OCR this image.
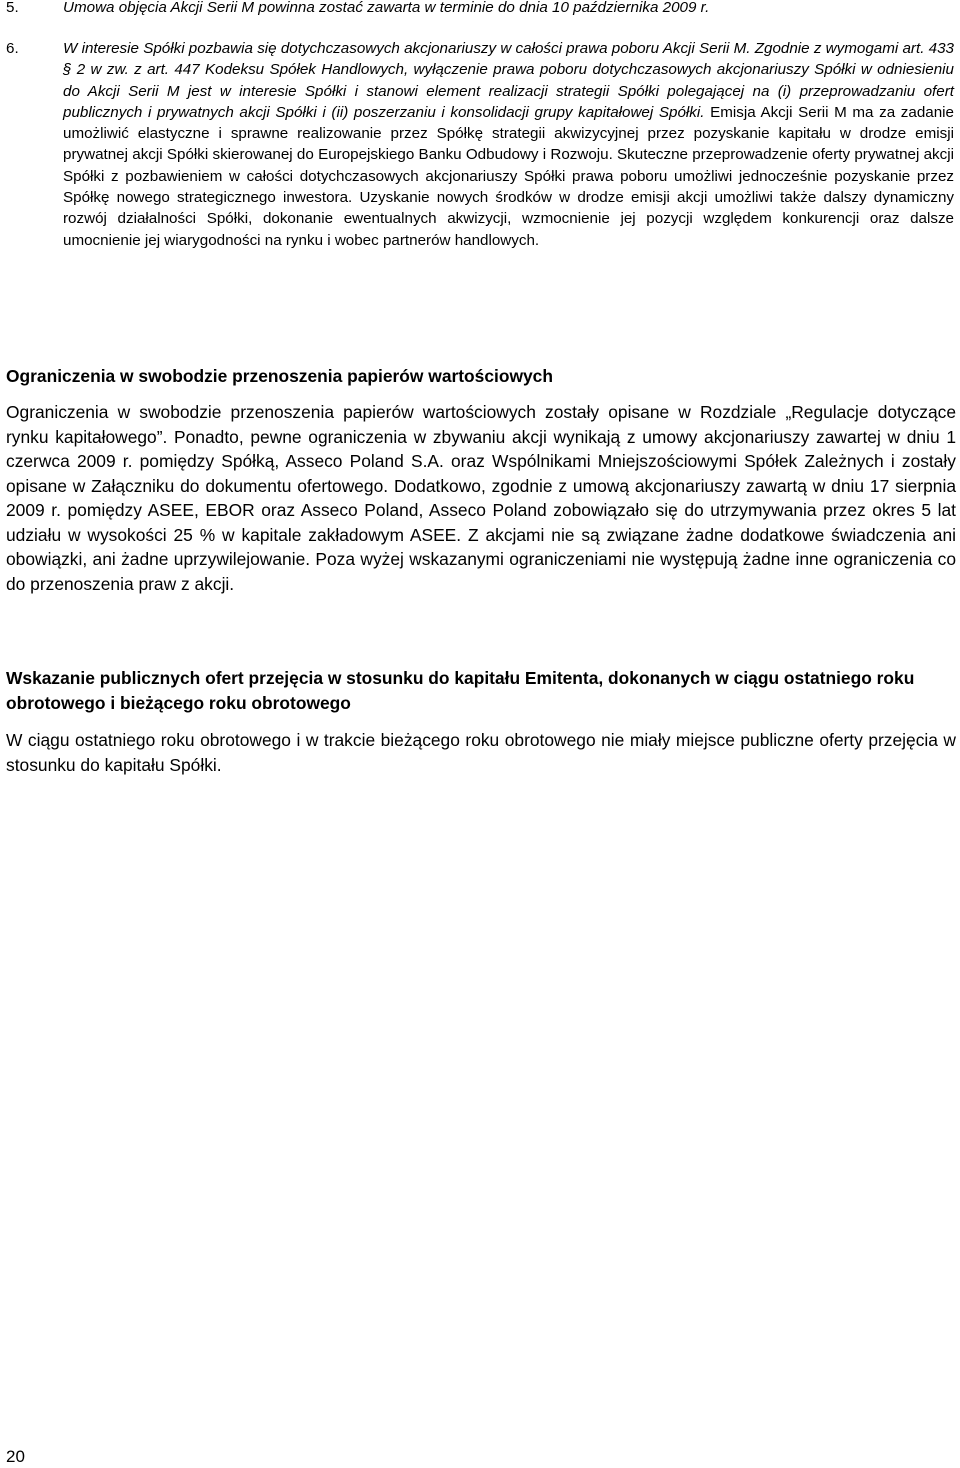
5.	Umowa objęcia Akcji Serii M powinna zostać zawarta w terminie do dnia 10 października 2009 r.
6.	W interesie Spółki pozbawia się dotychczasowych akcjonariuszy w całości prawa poboru Akcji Serii M. Zgodnie z wymogami art. 433 § 2 w zw. z art. 447 Kodeksu Spółek Handlowych, wyłączenie prawa poboru dotychczasowych akcjonariuszy Spółki w odniesieniu do Akcji Serii M jest w interesie Spółki i stanowi element realizacji strategii Spółki polegającej na (i) przeprowadzaniu ofert publicznych i prywatnych akcji Spółki i (ii) poszerzaniu i konsolidacji grupy kapitałowej Spółki. Emisja Akcji Serii M ma za zadanie umożliwić elastyczne i sprawne realizowanie przez Spółkę strategii akwizycyjnej przez pozyskanie kapitału w drodze emisji prywatnej akcji Spółki skierowanej do Europejskiego Banku Odbudowy i Rozwoju. Skuteczne przeprowadzenie oferty prywatnej akcji Spółki z pozbawieniem w całości dotychczasowych akcjonariuszy Spółki prawa poboru umożliwi jednocześnie pozyskanie przez Spółkę nowego strategicznego inwestora. Uzyskanie nowych środków w drodze emisji akcji umożliwi także dalszy dynamiczny rozwój działalności Spółki, dokonanie ewentualnych akwizycji, wzmocnienie jej pozycji względem konkurencji oraz dalsze umocnienie jej wiarygodności na rynku i wobec partnerów handlowych.
Ograniczenia w swobodzie przenoszenia papierów wartościowych
Ograniczenia w swobodzie przenoszenia papierów wartościowych zostały opisane w Rozdziale „Regulacje dotyczące rynku kapitałowego”. Ponadto, pewne ograniczenia w zbywaniu akcji wynikają z umowy akcjonariuszy zawartej w dniu 1 czerwca 2009 r. pomiędzy Spółką, Asseco Poland S.A. oraz Wspólnikami Mniejszościowymi Spółek Zależnych i zostały opisane w Załączniku do dokumentu ofertowego. Dodatkowo, zgodnie z umową akcjonariuszy zawartą w dniu 17 sierpnia 2009 r. pomiędzy ASEE, EBOR oraz Asseco Poland, Asseco Poland zobowiązało się do utrzymywania przez okres 5 lat udziału w wysokości 25 % w kapitale zakładowym ASEE. Z akcjami nie są związane żadne dodatkowe świadczenia ani obowiązki, ani żadne uprzywilejowanie. Poza wyżej wskazanymi ograniczeniami nie występują żadne inne ograniczenia co do przenoszenia praw z akcji.
Wskazanie publicznych ofert przejęcia w stosunku do kapitału Emitenta, dokonanych w ciągu ostatniego roku obrotowego i bieżącego roku obrotowego
W ciągu ostatniego roku obrotowego i w trakcie bieżącego roku obrotowego nie miały miejsce publiczne oferty przejęcia w stosunku do kapitału Spółki.
20
